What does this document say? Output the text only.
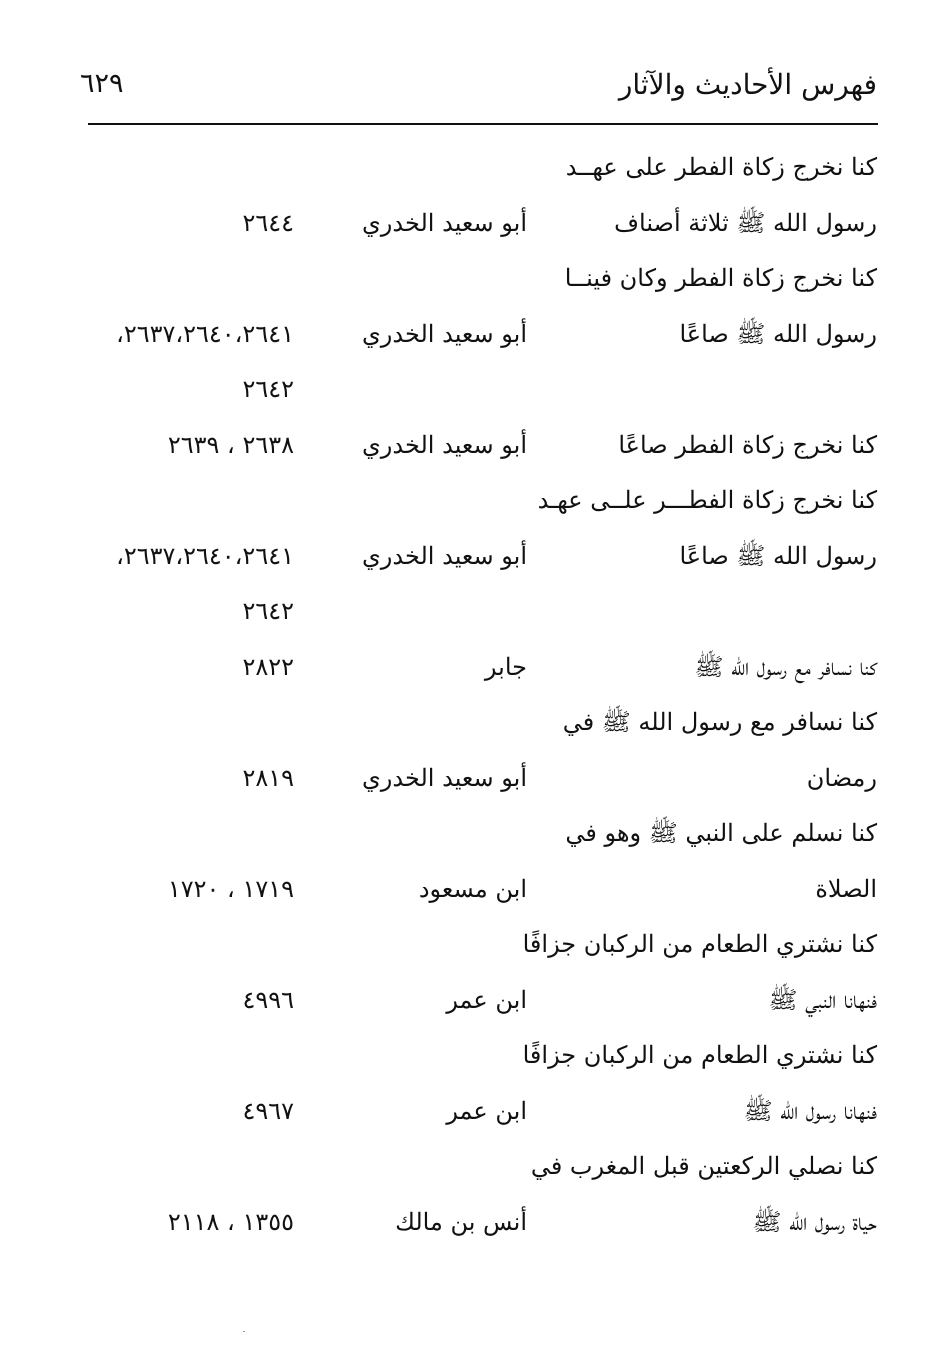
فهرس الأحاديث والآثار
٦٢٩
كنا نخرج زكاة الفطر على عهــد
رسول الله ﷺ ثلاثة أصناف
أبو سعيد الخدري
٢٦٤٤
كنا نخرج زكاة الفطر وكان فينــا
رسول الله ﷺ صاعًا
أبو سعيد الخدري
٢٦٣٧،٢٦٤٠،٢٦٤١،
٢٦٤٢
كنا نخرج زكاة الفطر صاعًا
أبو سعيد الخدري
٢٦٣٨ ، ٢٦٣٩
كنا نخرج زكاة الفطـــر علــى عهـد
رسول الله ﷺ صاعًا
أبو سعيد الخدري
٢٦٣٧،٢٦٤٠،٢٦٤١،
٢٦٤٢
كنا نسافر مع رسول الله ﷺ
جابر
٢٨٢٢
كنا نسافر مع رسول الله ﷺ في
رمضان
أبو سعيد الخدري
٢٨١٩
كنا نسلم على النبي ﷺ وهو في
الصلاة
ابن مسعود
١٧١٩ ، ١٧٢٠
كنا نشتري الطعام من الركبان جزافًا
فنهانا النبي ﷺ
ابن عمر
٤٩٩٦
كنا نشتري الطعام من الركبان جزافًا
فنهانا رسول الله ﷺ
ابن عمر
٤٩٦٧
كنا نصلي الركعتين قبل المغرب في
حياة رسول الله ﷺ
أنس بن مالك
١٣٥٥ ، ٢١١٨
